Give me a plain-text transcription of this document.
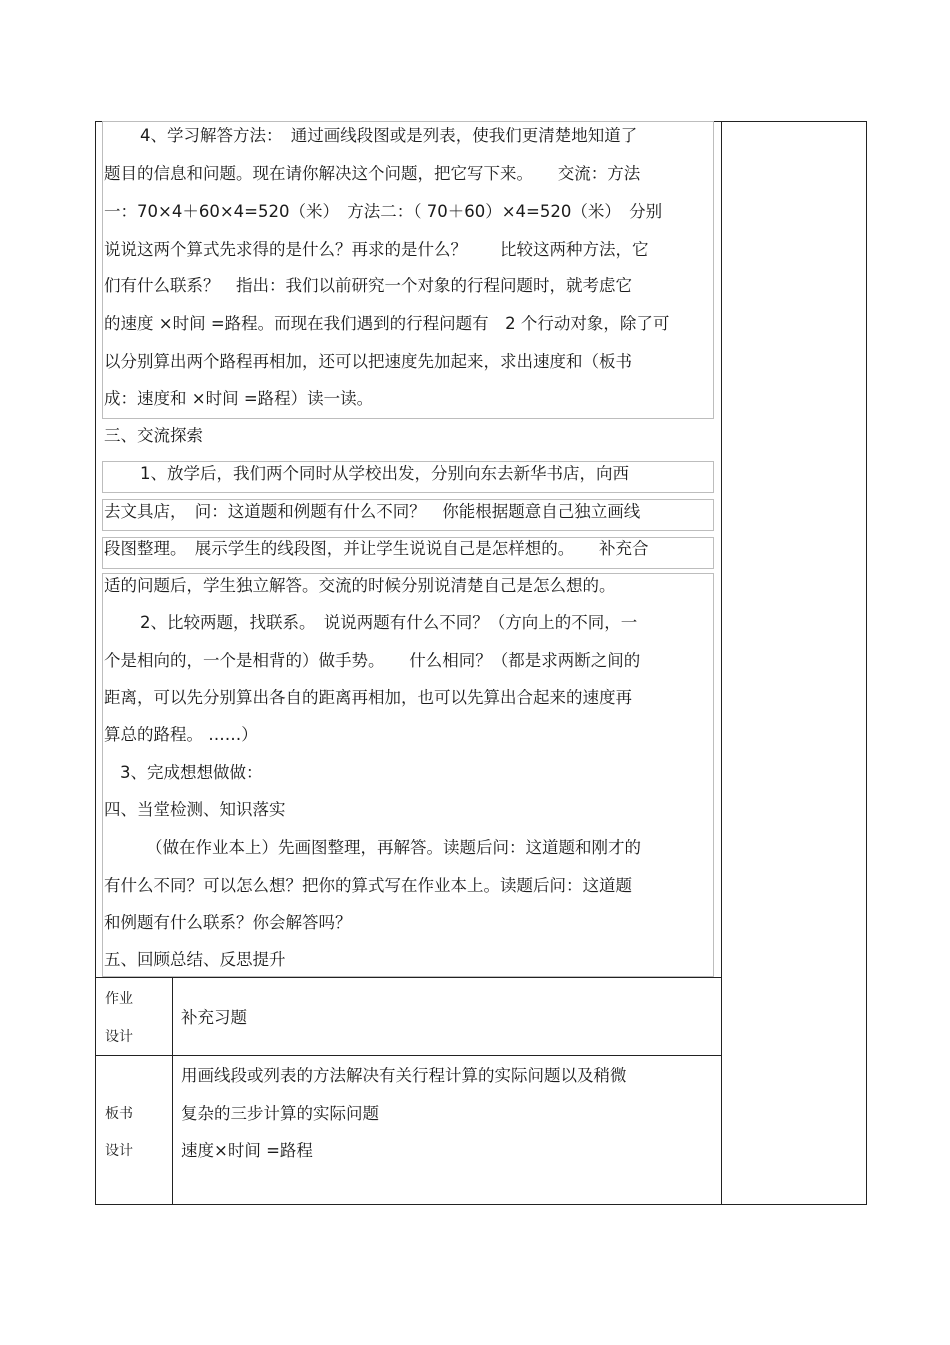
4、学习解答方法：　通过画线段图或是列表，使我们更清楚地知道了
题目的信息和问题。现在请你解决这个问题，把它写下来。　　交流：方法
一：70×4＋60×4=520（米）　方法二：（ 70＋60）×4=520（米）　分别
说说这两个算式先求得的是什么？再求的是什么？　　比较这两种方法，它
们有什么联系？　指出：我们以前研究一个对象的行程问题时，就考虑它
的速度 ×时间 =路程。而现在我们遇到的行程问题有　2 个行动对象，除了可
以分别算出两个路程再相加，还可以把速度先加起来，求出速度和（板书
成：速度和 ×时间 =路程）读一读。
三、交流探索
1、放学后，我们两个同时从学校出发，分别向东去新华书店，向西
去文具店，　问：这道题和例题有什么不同？　你能根据题意自己独立画线
段图整理。　展示学生的线段图，并让学生说说自己是怎样想的。　　补充合
适的问题后，学生独立解答。交流的时候分别说清楚自己是怎么想的。
2、比较两题，找联系。　说说两题有什么不同？（方向上的不同，一
个是相向的，一个是相背的）做手势。　　什么相同？（都是求两断之间的
距离，可以先分别算出各自的距离再相加，也可以先算出合起来的速度再
算总的路程。 ……）
3、完成想想做做：
四、当堂检测、知识落实
（做在作业本上）先画图整理，再解答。读题后问：这道题和刚才的
有什么不同？可以怎么想？把你的算式写在作业本上。读题后问：这道题
和例题有什么联系？你会解答吗？
五、回顾总结、反思提升
作业
设计
补充习题
板书
设计
用画线段或列表的方法解决有关行程计算的实际问题以及稍微
复杂的三步计算的实际问题
速度×时间 =路程
